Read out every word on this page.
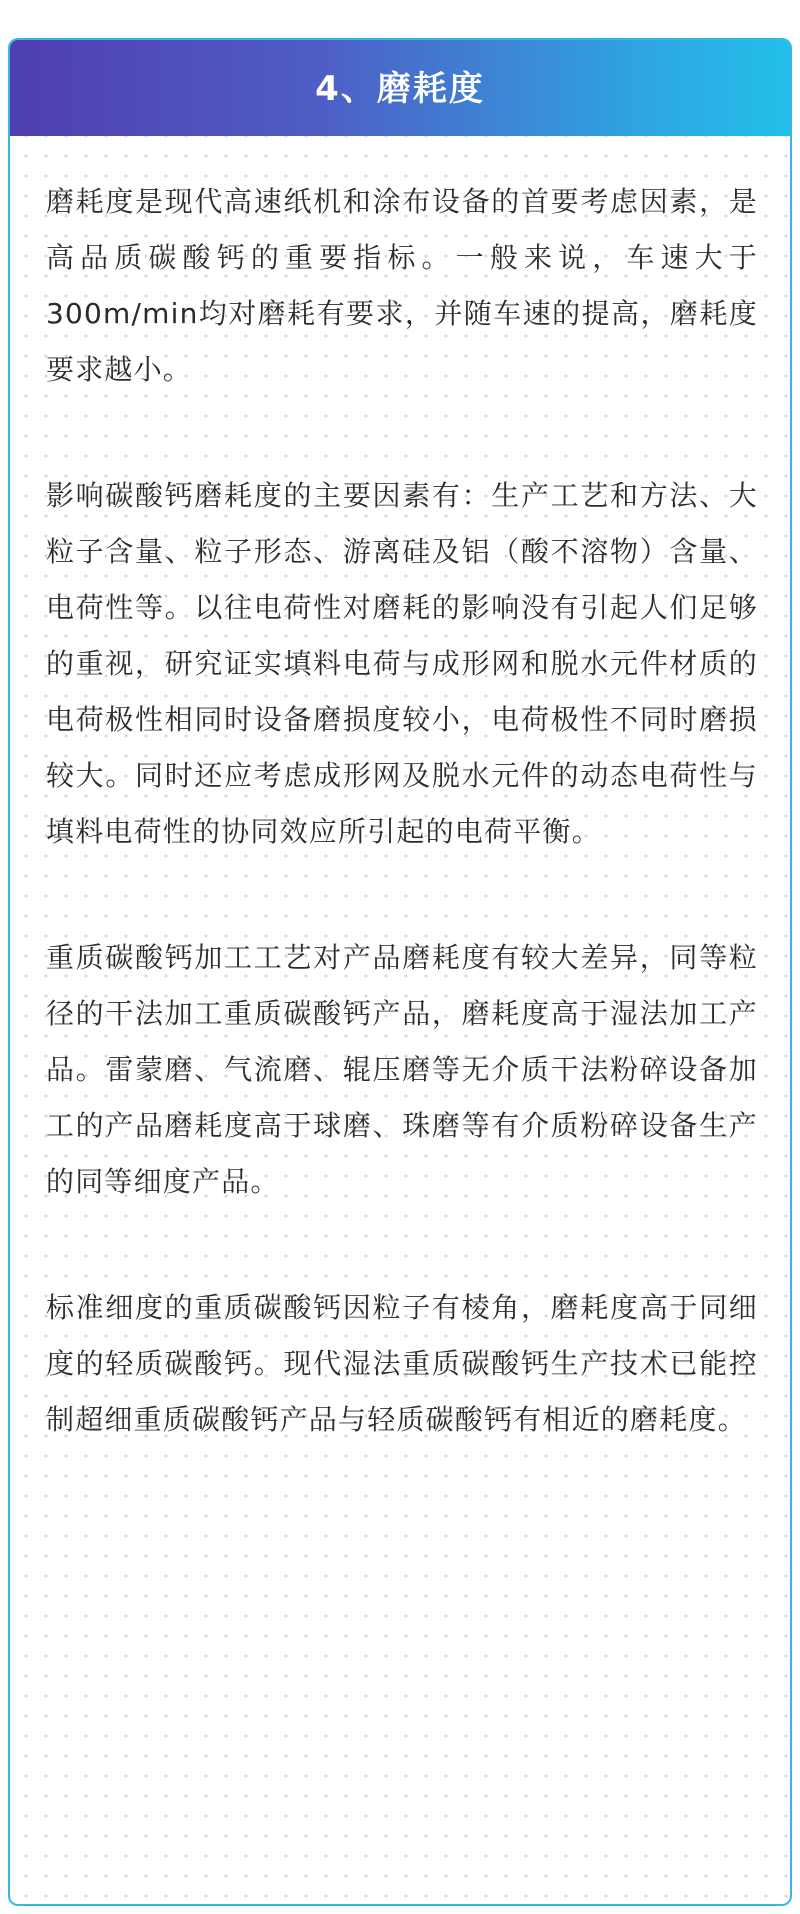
4、磨耗度

磨耗度是现代高速纸机和涂布设备的首要考虑因素，是高品质碳酸钙的重要指标。一般来说，车速大于300m/min均对磨耗有要求，并随车速的提高，磨耗度要求越小。

影响碳酸钙磨耗度的主要因素有：生产工艺和方法、大粒子含量、粒子形态、游离硅及铝（酸不溶物）含量、电荷性等。以往电荷性对磨耗的影响没有引起人们足够的重视，研究证实填料电荷与成形网和脱水元件材质的电荷极性相同时设备磨损度较小，电荷极性不同时磨损较大。同时还应考虑成形网及脱水元件的动态电荷性与填料电荷性的协同效应所引起的电荷平衡。

重质碳酸钙加工工艺对产品磨耗度有较大差异，同等粒径的干法加工重质碳酸钙产品，磨耗度高于湿法加工产品。雷蒙磨、气流磨、辊压磨等无介质干法粉碎设备加工的产品磨耗度高于球磨、珠磨等有介质粉碎设备生产的同等细度产品。

标准细度的重质碳酸钙因粒子有棱角，磨耗度高于同细度的轻质碳酸钙。现代湿法重质碳酸钙生产技术已能控制超细重质碳酸钙产品与轻质碳酸钙有相近的磨耗度。
